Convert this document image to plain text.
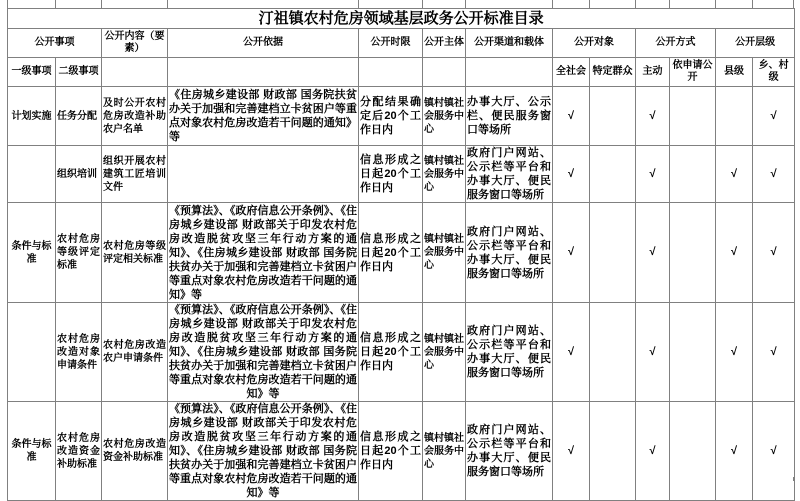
汀祖镇农村危房领域基层政务公开标准目录												
公开事项		公开内容（要素）	公开依据	公开时限	公开主体	公开渠道和载体	公开对象		公开方式		公开层级	
一级事项	二级事项						全社会	特定群众	主动	依申请公开	县级	乡、村级
计划实施	任务分配	及时公开农村危房改造补助农户名单	《住房城乡建设部 财政部 国务院扶贫办关于加强和完善建档立卡贫困户等重点对象农村危房改造若干问题的通知》等	分配结果确定后20个工作日内	镇村镇社会服务中心	办事大厅、公示栏、便民服务窗口等场所	√		√			√
	组织培训	组织开展农村建筑工匠培训文件		信息形成之日起20个工作日内	镇村镇社会服务中心	政府门户网站、公示栏等平台和办事大厅、便民服务窗口等场所	√		√		√	√
条件与标准	农村危房等级评定标准	农村危房等级评定相关标准	《预算法》、《政府信息公开条例》、《住房城乡建设部 财政部关于印发农村危房改造脱贫攻坚三年行动方案的通知》、《住房城乡建设部 财政部 国务院扶贫办关于加强和完善建档立卡贫困户等重点对象农村危房改造若干问题的通知》等	信息形成之日起20个工作日内	镇村镇社会服务中心	政府门户网站、公示栏等平台和办事大厅、便民服务窗口等场所	√		√		√	√
	农村危房改造对象申请条件	农村危房改造农户申请条件	《预算法》、《政府信息公开条例》、《住房城乡建设部 财政部关于印发农村危房改造脱贫攻坚三年行动方案的通知》、《住房城乡建设部 财政部 国务院扶贫办关于加强和完善建档立卡贫困户等重点对象农村危房改造若干问题的通知》等	信息形成之日起20个工作日内	镇村镇社会服务中心	政府门户网站、公示栏等平台和办事大厅、便民服务窗口等场所	√		√		√	√
条件与标准	农村危房改造资金补助标准	农村危房改造资金补助标准	《预算法》、《政府信息公开条例》、《住房城乡建设部 财政部关于印发农村危房改造脱贫攻坚三年行动方案的通知》、《住房城乡建设部 财政部 国务院扶贫办关于加强和完善建档立卡贫困户等重点对象农村危房改造若干问题的通知》等	信息形成之日起20个工作日内	镇村镇社会服务中心	政府门户网站、公示栏等平台和办事大厅、便民服务窗口等场所	√		√		√	√
